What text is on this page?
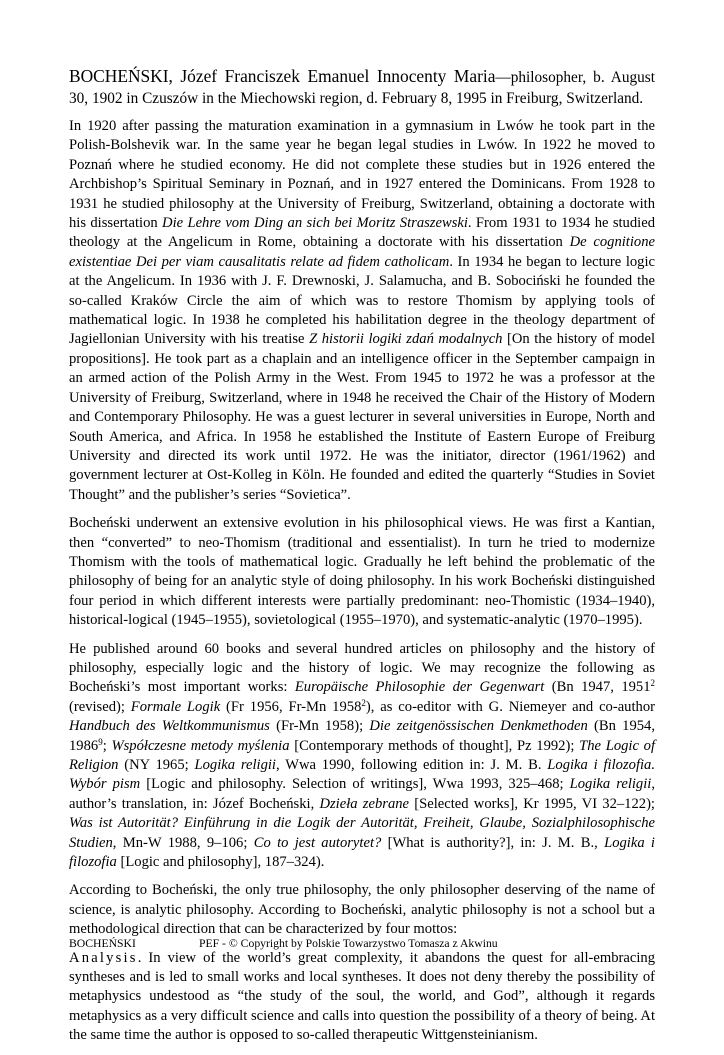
BOCHEŃSKI, Józef Franciszek Emanuel Innocenty Maria—philosopher, b. August 30, 1902 in Czuszów in the Miechowski region, d. February 8, 1995 in Freiburg, Switzerland.

In 1920 after passing the maturation examination in a gymnasium in Lwów he took part in the Polish-Bolshevik war. In the same year he began legal studies in Lwów. In 1922 he moved to Poznań where he studied economy. He did not complete these studies but in 1926 entered the Archbishop’s Spiritual Seminary in Poznań, and in 1927 entered the Dominicans. From 1928 to 1931 he studied philosophy at the University of Freiburg, Switzerland, obtaining a doctorate with his dissertation Die Lehre vom Ding an sich bei Moritz Straszewski. From 1931 to 1934 he studied theology at the Angelicum in Rome, obtaining a doctorate with his dissertation De cognitione existentiae Dei per viam causalitatis relate ad fidem catholicam. In 1934 he began to lecture logic at the Angelicum. In 1936 with J. F. Drewnoski, J. Salamucha, and B. Sobociński he founded the so-called Kraków Circle the aim of which was to restore Thomism by applying tools of mathematical logic. In 1938 he completed his habilitation degree in the theology department of Jagiellonian University with his treatise Z historii logiki zdań modalnych [On the history of model propositions]. He took part as a chaplain and an intelligence officer in the September campaign in an armed action of the Polish Army in the West. From 1945 to 1972 he was a professor at the University of Freiburg, Switzerland, where in 1948 he received the Chair of the History of Modern and Contemporary Philosophy. He was a guest lecturer in several universities in Europe, North and South America, and Africa. In 1958 he established the Institute of Eastern Europe of Freiburg University and directed its work until 1972. He was the initiator, director (1961/1962) and government lecturer at Ost-Kolleg in Köln. He founded and edited the quarterly “Studies in Soviet Thought” and the publisher’s series “Sovietica”.

Bocheński underwent an extensive evolution in his philosophical views. He was first a Kantian, then “converted” to neo-Thomism (traditional and essentialist). In turn he tried to modernize Thomism with the tools of mathematical logic. Gradually he left behind the problematic of the philosophy of being for an analytic style of doing philosophy. In his work Bocheński distinguished four period in which different interests were partially predominant: neo-Thomistic (1934–1940), historical-logical (1945–1955), sovietological (1955–1970), and systematic-analytic (1970–1995).

He published around 60 books and several hundred articles on philosophy and the history of philosophy, especially logic and the history of logic. We may recognize the following as Bocheński’s most important works: Europäische Philosophie der Gegenwart (Bn 1947, 1951$^2$ (revised); Formale Logik (Fr 1956, Fr-Mn 1958$^2$), as co-editor with G. Niemeyer and co-author Handbuch des Weltkommunismus (Fr-Mn 1958); Die zeitgenössischen Denkmethoden (Bn 1954, 1986$^9$; Współczesne metody myślenia [Contemporary methods of thought], Pz 1992); The Logic of Religion (NY 1965; Logika religii, Wwa 1990, following edition in: J. M. B. Logika i filozofia. Wybór pism [Logic and philosophy. Selection of writings], Wwa 1993, 325–468; Logika religii, author’s translation, in: Józef Bocheński, Dzieła zebrane [Selected works], Kr 1995, VI 32–122); Was ist Autorität? Einführung in die Logik der Autorität, Freiheit, Glaube, Sozialphilosophische Studien, Mn-W 1988, 9–106; Co to jest autorytet? [What is authority?], in: J. M. B., Logika i filozofia [Logic and philosophy], 187–324).

According to Bocheński, the only true philosophy, the only philosopher deserving of the name of science, is analytic philosophy. According to Bocheński, analytic philosophy is not a school but a methodological direction that can be characterized by four mottos:

Analysis. In view of the world’s great complexity, it abandons the quest for all-embracing syntheses and is led to small works and local syntheses. It does not deny thereby the possibility of metaphysics undestood as “the study of the soul, the world, and God”, although it regards metaphysics as a very difficult science and calls into question the possibility of a theory of being. At the same time the author is opposed to so-called therapeutic Wittgensteinianism.

BOCHEŃSKI	PEF - © Copyright by Polskie Towarzystwo Tomasza z Akwinu
